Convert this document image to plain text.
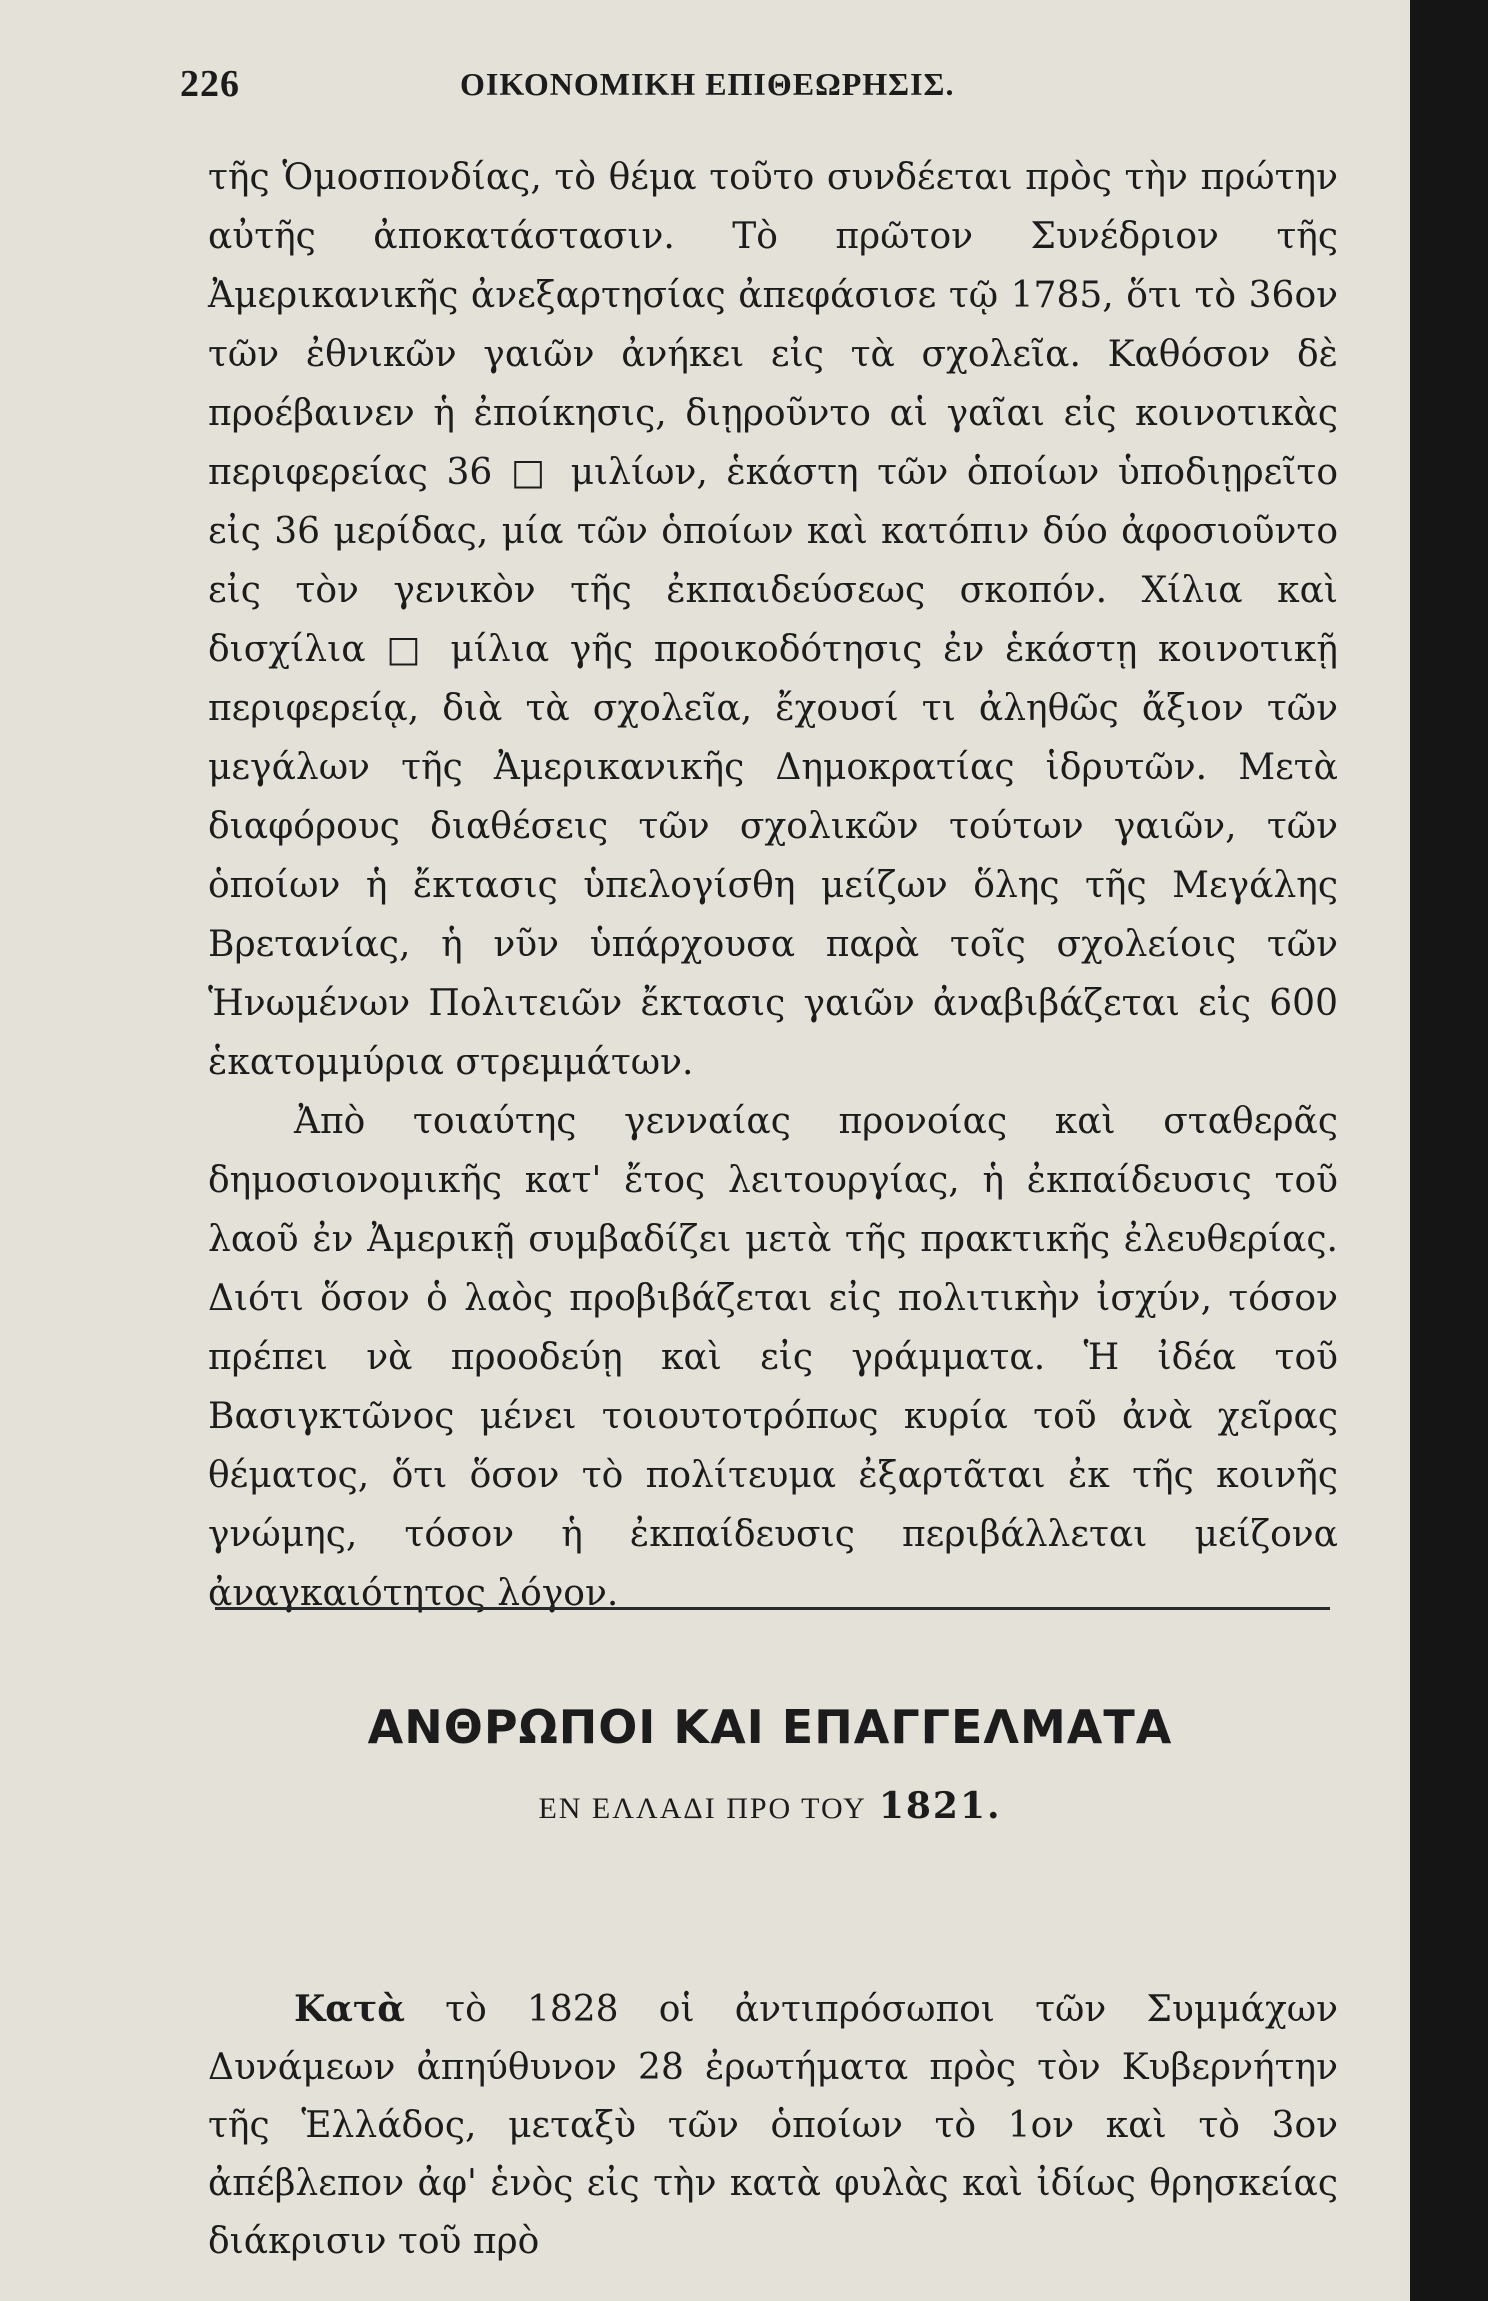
226	ΟΙΚΟΝΟΜΙΚΗ ΕΠΙΘΕΩΡΗΣΙΣ.

τῆς Ὁμοσπονδίας, τὸ θέμα τοῦτο συνδέεται πρὸς τὴν πρώτην αὐτῆς ἀποκατάστασιν. Τὸ πρῶτον Συνέδριον τῆς Ἀμερικανικῆς ἀνεξαρτησίας ἀπεφάσισε τῷ 1785, ὅτι τὸ 36ον τῶν ἐθνικῶν γαιῶν ἀνήκει εἰς τὰ σχολεῖα. Καθόσον δὲ προέβαινεν ἡ ἐποίκησις, διῃροῦντο αἱ γαῖαι εἰς κοινοτικὰς περιφερείας 36 □ μιλίων, ἑκάστη τῶν ὁποίων ὑποδιῃρεῖτο εἰς 36 μερίδας, μία τῶν ὁποίων καὶ κατόπιν δύο ἀφοσιοῦντο εἰς τὸν γενικὸν τῆς ἐκπαιδεύσεως σκοπόν. Χίλια καὶ δισχίλια □ μίλια γῆς προικοδότησις ἐν ἑκάστῃ κοινοτικῇ περιφερείᾳ, διὰ τὰ σχολεῖα, ἔχουσί τι ἀληθῶς ἄξιον τῶν μεγάλων τῆς Ἀμερικανικῆς Δημοκρατίας ἱδρυτῶν. Μετὰ διαφόρους διαθέσεις τῶν σχολικῶν τούτων γαιῶν, τῶν ὁποίων ἡ ἔκτασις ὑπελογίσθη μείζων ὅλης τῆς Μεγάλης Βρετανίας, ἡ νῦν ὑπάρχουσα παρὰ τοῖς σχολείοις τῶν Ἡνωμένων Πολιτειῶν ἔκτασις γαιῶν ἀναβιβάζεται εἰς 600 ἑκατομμύρια στρεμμάτων.

Ἀπὸ τοιαύτης γενναίας προνοίας καὶ σταθερᾶς δημοσιονομικῆς κατ' ἔτος λειτουργίας, ἡ ἐκπαίδευσις τοῦ λαοῦ ἐν Ἀμερικῇ συμβαδίζει μετὰ τῆς πρακτικῆς ἐλευθερίας. Διότι ὅσον ὁ λαὸς προβιβάζεται εἰς πολιτικὴν ἰσχύν, τόσον πρέπει νὰ προοδεύῃ καὶ εἰς γράμματα. Ἡ ἰδέα τοῦ Βασιγκτῶνος μένει τοιουτοτρόπως κυρία τοῦ ἀνὰ χεῖρας θέματος, ὅτι ὅσον τὸ πολίτευμα ἐξαρτᾶται ἐκ τῆς κοινῆς γνώμης, τόσον ἡ ἐκπαίδευσις περιβάλλεται μείζονα ἀναγκαιότητος λόγον.

ΑΝΘΡΩΠΟΙ ΚΑΙ ΕΠΑΓΓΕΛΜΑΤΑ
ΕΝ ΕΛΛΑΔΙ ΠΡΟ ΤΟΥ 1821.

Κατὰ τὸ 1828 οἱ ἀντιπρόσωποι τῶν Συμμάχων Δυνάμεων ἀπηύθυνον 28 ἐρωτήματα πρὸς τὸν Κυβερνήτην τῆς Ἑλλάδος, μεταξὺ τῶν ὁποίων τὸ 1ον καὶ τὸ 3ον ἀπέβλεπον ἀφ' ἑνὸς εἰς τὴν κατὰ φυλὰς καὶ ἰδίως θρησκείας διάκρισιν τοῦ πρὸ
